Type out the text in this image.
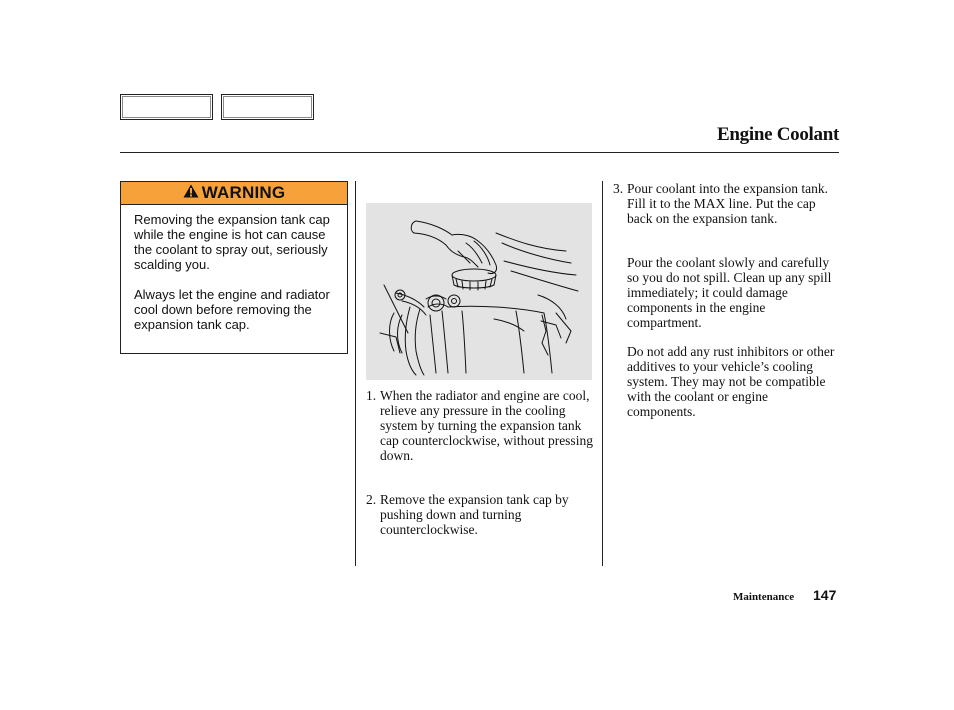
Engine Coolant
WARNING
Removing the expansion tank cap while the engine is hot can cause the coolant to spray out, seriously scalding you.
Always let the engine and radiator cool down before removing the expansion tank cap.
1. When the radiator and engine are cool, relieve any pressure in the cooling system by turning the expansion tank cap counterclockwise, without pressing down.
2. Remove the expansion tank cap by pushing down and turning counterclockwise.
3. Pour coolant into the expansion tank. Fill it to the MAX line. Put the cap back on the expansion tank.
Pour the coolant slowly and carefully so you do not spill. Clean up any spill immediately; it could damage components in the engine compartment.
Do not add any rust inhibitors or other additives to your vehicle’s cooling system. They may not be compatible with the coolant or engine components.
Maintenance 147
